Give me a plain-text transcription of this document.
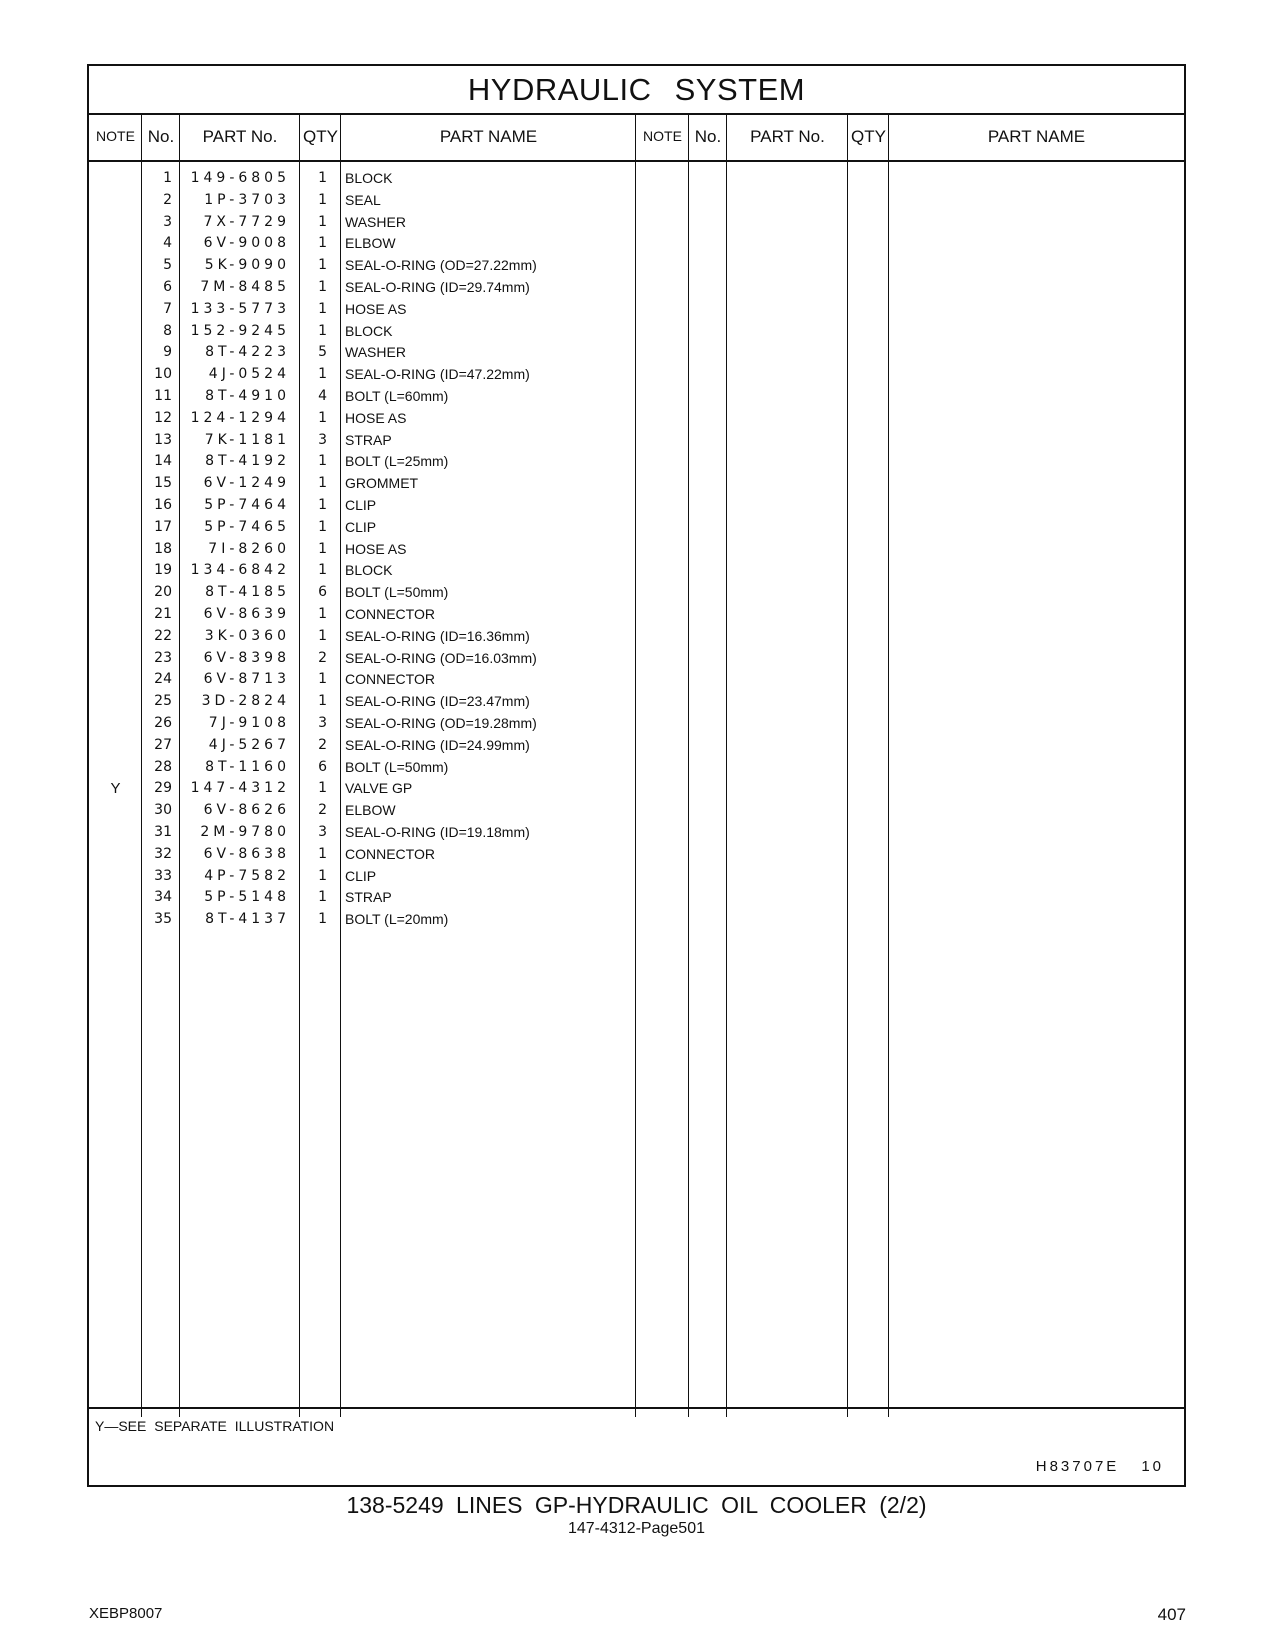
HYDRAULIC SYSTEM
NOTE No.	PART No.	QTY	PART NAME	NOTE No.	PART No.	QTY	PART NAME
1	149-6805	1 BLOCK
2	1P-3703	1 SEAL
3	7X-7729	1 WASHER
4	6V-9008	1 ELBOW
5	5K-9090	1 SEAL-O-RING (OD=27.22mm)
6	7M-8485	1 SEAL-O-RING (ID=29.74mm)
7	133-5773	1 HOSE AS
8	152-9245	1 BLOCK
9	8T-4223	5 WASHER
10	4J-0524	1 SEAL-O-RING (ID=47.22mm)
11	8T-4910	4 BOLT (L=60mm)
12	124-1294	1 HOSE AS
13	7K-1181	3 STRAP
14	8T-4192	1 BOLT (L=25mm)
15	6V-1249	1 GROMMET
16	5P-7464	1 CLIP
17	5P-7465	1 CLIP
18	7I-8260	1 HOSE AS
19	134-6842	1 BLOCK
20	8T-4185	6 BOLT (L=50mm)
21	6V-8639	1 CONNECTOR
22	3K-0360	1 SEAL-O-RING (ID=16.36mm)
23	6V-8398	2 SEAL-O-RING (OD=16.03mm)
24	6V-8713	1 CONNECTOR
25	3D-2824	1 SEAL-O-RING (ID=23.47mm)
26	7J-9108	3 SEAL-O-RING (OD=19.28mm)
27	4J-5267	2 SEAL-O-RING (ID=24.99mm)
28	8T-1160	6 BOLT (L=50mm)
Y	29	147-4312	1 VALVE GP
30	6V-8626	2 ELBOW
31	2M-9780	3 SEAL-O-RING (ID=19.18mm)
32	6V-8638	1 CONNECTOR
33	4P-7582	1 CLIP
34	5P-5148	1 STRAP
35	8T-4137	1 BOLT (L=20mm)
Y—SEE SEPARATE ILLUSTRATION
H83707E 10
138-5249 LINES GP-HYDRAULIC OIL COOLER (2/2)
147-4312-Page501
XEBP8007	407
